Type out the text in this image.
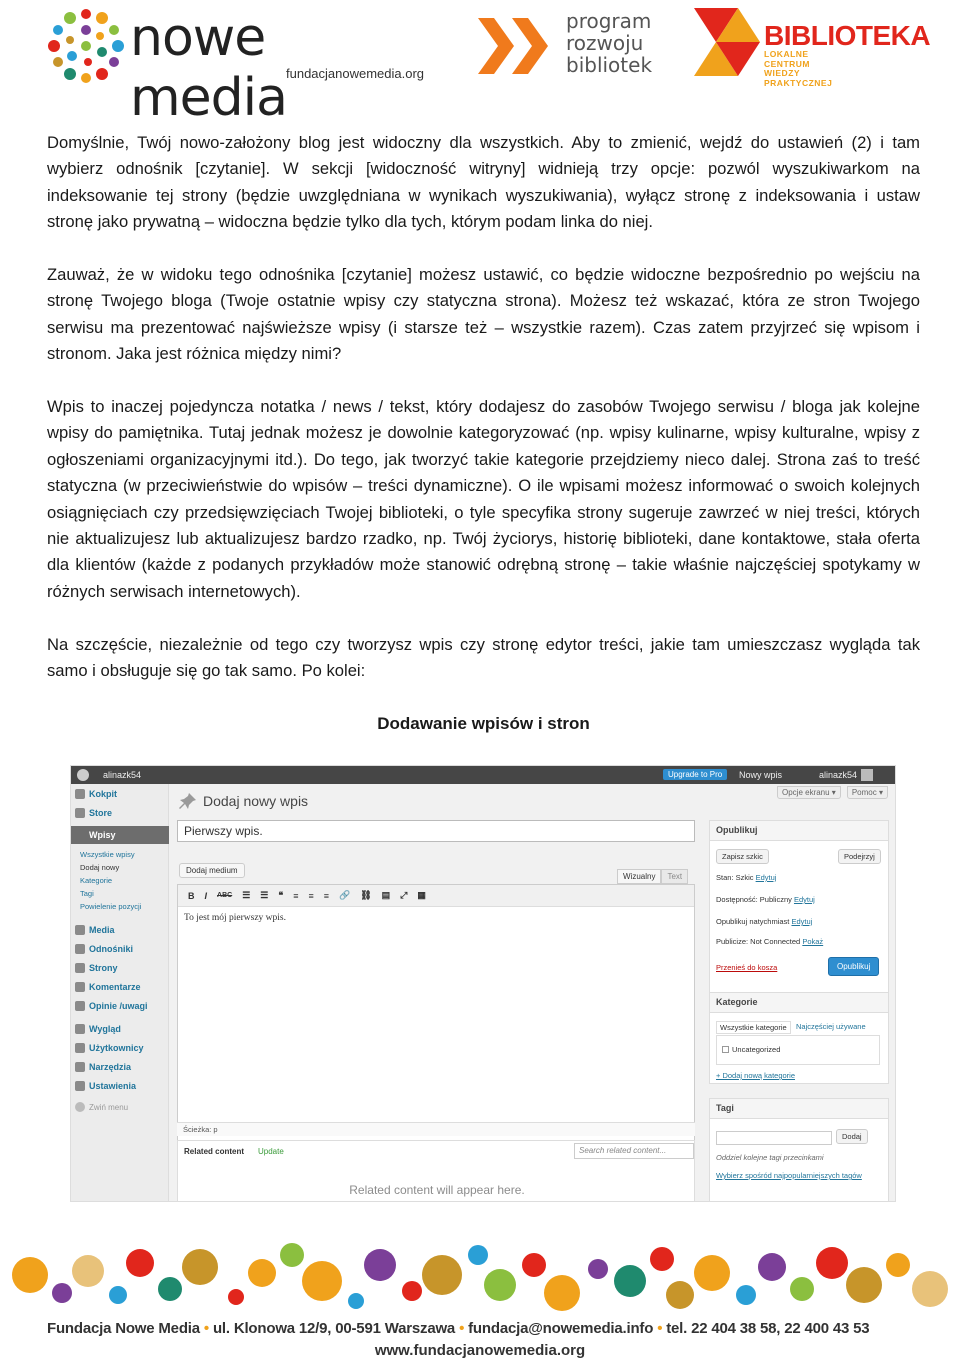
nowe media fundacjanowemedia.org
program
rozwoju
bibliotek
BIBLIOTEKA
LOKALNE
CENTRUM
WIEDZY
PRAKTYCZNEJ

Domyślnie, Twój nowo-założony blog jest widoczny dla wszystkich. Aby to zmienić, wejdź do ustawień (2) i tam wybierz odnośnik [czytanie]. W sekcji [widoczność witryny] widnieją trzy opcje: pozwól wyszukiwarkom na indeksowanie tej strony (będzie uwzględniana w wynikach wyszukiwania), wyłącz stronę z indeksowania i ustaw stronę jako prywatną – widoczna będzie tylko dla tych, którym podam linka do niej.

Zauważ, że w widoku tego odnośnika [czytanie] możesz ustawić, co będzie widoczne bezpośrednio po wejściu na stronę Twojego bloga (Twoje ostatnie wpisy czy statyczna strona). Możesz też wskazać, która ze stron Twojego serwisu ma prezentować najświeższe wpisy (i starsze też – wszystkie razem). Czas zatem przyjrzeć się wpisom i stronom. Jaka jest różnica między nimi?

Wpis to inaczej pojedyncza notatka / news / tekst, który dodajesz do zasobów Twojego serwisu / bloga jak kolejne wpisy do pamiętnika. Tutaj jednak możesz je dowolnie kategoryzować (np. wpisy kulinarne, wpisy kulturalne, wpisy z ogłoszeniami organizacyjnymi itd.). Do tego, jak tworzyć takie kategorie przejdziemy nieco dalej. Strona zaś to treść statyczna (w przeciwieństwie do wpisów – treści dynamiczne). O ile wpisami możesz informować o swoich kolejnych osiągnięciach czy przedsięwzięciach Twojej biblioteki, o tyle specyfika strony sugeruje zawrzeć w niej treści, których nie aktualizujesz lub aktualizujesz bardzo rzadko, np. Twój życiorys, historię biblioteki, dane kontaktowe, stała oferta dla klientów (każde z podanych przykładów może stanowić odrębną stronę – takie właśnie najczęściej spotykamy w różnych serwisach internetowych).

Na szczęście, niezależnie od tego czy tworzysz wpis czy stronę edytor treści, jakie tam umieszczasz wygląda tak samo i obsługuje się go tak samo. Po kolei:

Dodawanie wpisów i stron
alinazk54	Upgrade to Pro	Nowy wpis	alinazk54
Kokpit
Store
Wpisy
Wszystkie wpisy
Dodaj nowy
Kategorie
Tagi
Powielenie pozycji
Media
Odnośniki
Strony
Komentarze
Opinie /uwagi
Wygląd
Użytkownicy
Narzędzia
Ustawienia
Zwiń menu
Opcje ekranu ▾	Pomoc ▾
Dodaj nowy wpis
Pierwszy wpis.
Dodaj medium
Wizualny	Text
B I ABC ☰ ☰ ❝ ≡ ≡ ≡ 🔗 ⛓ ▤ ⤢ ▦
To jest mój pierwszy wpis.
Ścieżka: p
Related content Update	Search related content...
Related content will appear here.
Opublikuj
Zapisz szkic	Podejrzyj
Stan: Szkic Edytuj
Dostępność: Publiczny Edytuj
Opublikuj natychmiast Edytuj
Publicize: Not Connected Pokaż
Przenieś do kosza	Opublikuj
Kategorie
Wszystkie kategorie	Najczęściej używane
Uncategorized
+ Dodaj nową kategorie
Tagi
Dodaj
Oddziel kolejne tagi przecinkami
Wybierz spośród najpopularniejszych tagów
Fundacja Nowe Media • ul. Klonowa 12/9, 00-591 Warszawa • fundacja@nowemedia.info • tel. 22 404 38 58, 22 400 43 53
www.fundacjanowemedia.org
